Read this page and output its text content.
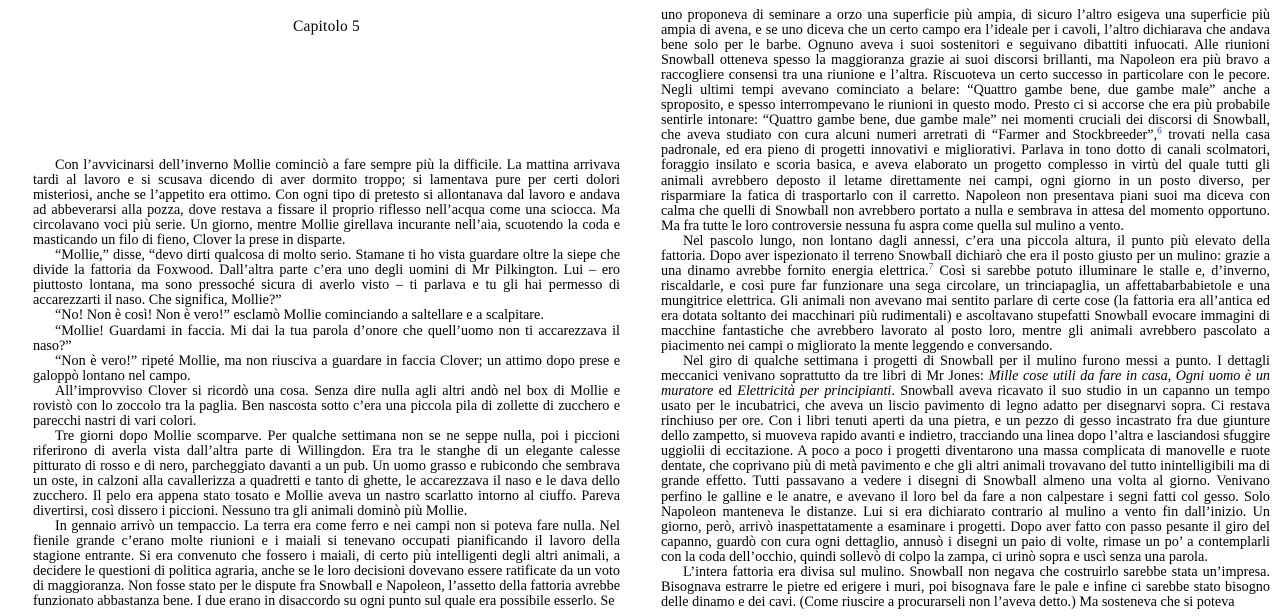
Capitolo 5

Con l’avvicinarsi dell’inverno Mollie cominciò a fare sempre più la difficile. La mattina arrivava tardi al lavoro e si scusava dicendo di aver dormito troppo; si lamentava pure per certi dolori misteriosi, anche se l’appetito era ottimo. Con ogni tipo di pretesto si allontanava dal lavoro e andava ad abbeverarsi alla pozza, dove restava a fissare il proprio riflesso nell’acqua come una sciocca. Ma circolavano voci più serie. Un giorno, mentre Mollie girellava incurante nell’aia, scuotendo la coda e masticando un filo di fieno, Clover la prese in disparte.

“Mollie,” disse, “devo dirti qualcosa di molto serio. Stamane ti ho vista guardare oltre la siepe che divide la fattoria da Foxwood. Dall’altra parte c’era uno degli uomini di Mr Pilkington. Lui – ero piuttosto lontana, ma sono pressoché sicura di averlo visto – ti parlava e tu gli hai permesso di accarezzarti il naso. Che significa, Mollie?”

“No! Non è così! Non è vero!” esclamò Mollie cominciando a saltellare e a scalpitare.

“Mollie! Guardami in faccia. Mi dai la tua parola d’onore che quell’uomo non ti accarezzava il naso?”

“Non è vero!” ripeté Mollie, ma non riusciva a guardare in faccia Clover; un attimo dopo prese e galoppò lontano nel campo.

All’improvviso Clover si ricordò una cosa. Senza dire nulla agli altri andò nel box di Mollie e rovistò con lo zoccolo tra la paglia. Ben nascosta sotto c’era una piccola pila di zollette di zucchero e parecchi nastri di vari colori.

Tre giorni dopo Mollie scomparve. Per qualche settimana non se ne seppe nulla, poi i piccioni riferirono di averla vista dall’altra parte di Willingdon. Era tra le stanghe di un elegante calesse pitturato di rosso e di nero, parcheggiato davanti a un pub. Un uomo grasso e rubicondo che sembrava un oste, in calzoni alla cavallerizza a quadretti e tanto di ghette, le accarezzava il naso e le dava dello zucchero. Il pelo era appena stato tosato e Mollie aveva un nastro scarlatto intorno al ciuffo. Pareva divertirsi, così dissero i piccioni. Nessuno tra gli animali dominò più Mollie.

In gennaio arrivò un tempaccio. La terra era come ferro e nei campi non si poteva fare nulla. Nel fienile grande c’erano molte riunioni e i maiali si tenevano occupati pianificando il lavoro della stagione entrante. Si era convenuto che fossero i maiali, di certo più intelligenti degli altri animali, a decidere le questioni di politica agraria, anche se le loro decisioni dovevano essere ratificate da un voto di maggioranza. Non fosse stato per le dispute fra Snowball e Napoleon, l’assetto della fattoria avrebbe funzionato abbastanza bene. I due erano in disaccordo su ogni punto sul quale era possibile esserlo. Se

uno proponeva di seminare a orzo una superficie più ampia, di sicuro l’altro esigeva una superficie più ampia di avena, e se uno diceva che un certo campo era l’ideale per i cavoli, l’altro dichiarava che andava bene solo per le barbe. Ognuno aveva i suoi sostenitori e seguivano dibattiti infuocati. Alle riunioni Snowball otteneva spesso la maggioranza grazie ai suoi discorsi brillanti, ma Napoleon era più bravo a raccogliere consensi tra una riunione e l’altra. Riscuoteva un certo successo in particolare con le pecore. Negli ultimi tempi avevano cominciato a belare: “Quattro gambe bene, due gambe male” anche a sproposito, e spesso interrompevano le riunioni in questo modo. Presto ci si accorse che era più probabile sentirle intonare: “Quattro gambe bene, due gambe male” nei momenti cruciali dei discorsi di Snowball, che aveva studiato con cura alcuni numeri arretrati di “Farmer and Stockbreeder”,$^6$ trovati nella casa padronale, ed era pieno di progetti innovativi e migliorativi. Parlava in tono dotto di canali scolmatori, foraggio insilato e scoria basica, e aveva elaborato un progetto complesso in virtù del quale tutti gli animali avrebbero deposto il letame direttamente nei campi, ogni giorno in un posto diverso, per risparmiare la fatica di trasportarlo con il carretto. Napoleon non presentava piani suoi ma diceva con calma che quelli di Snowball non avrebbero portato a nulla e sembrava in attesa del momento opportuno. Ma fra tutte le loro controversie nessuna fu aspra come quella sul mulino a vento.

Nel pascolo lungo, non lontano dagli annessi, c’era una piccola altura, il punto più elevato della fattoria. Dopo aver ispezionato il terreno Snowball dichiarò che era il posto giusto per un mulino: grazie a una dinamo avrebbe fornito energia elettrica.$^7$ Così si sarebbe potuto illuminare le stalle e, d’inverno, riscaldarle, e così pure far funzionare una sega circolare, un trinciapaglia, un affettabarbabietole e una mungitrice elettrica. Gli animali non avevano mai sentito parlare di certe cose (la fattoria era all’antica ed era dotata soltanto dei macchinari più rudimentali) e ascoltavano stupefatti Snowball evocare immagini di macchine fantastiche che avrebbero lavorato al posto loro, mentre gli animali avrebbero pascolato a piacimento nei campi o migliorato la mente leggendo e conversando.

Nel giro di qualche settimana i progetti di Snowball per il mulino furono messi a punto. I dettagli meccanici venivano soprattutto da tre libri di Mr Jones: Mille cose utili da fare in casa, Ogni uomo è un muratore ed Elettricità per principianti. Snowball aveva ricavato il suo studio in un capanno un tempo usato per le incubatrici, che aveva un liscio pavimento di legno adatto per disegnarvi sopra. Ci restava rinchiuso per ore. Con i libri tenuti aperti da una pietra, e un pezzo di gesso incastrato fra due giunture dello zampetto, si muoveva rapido avanti e indietro, tracciando una linea dopo l’altra e lasciandosi sfuggire uggiolii di eccitazione. A poco a poco i progetti diventarono una massa complicata di manovelle e ruote dentate, che coprivano più di metà pavimento e che gli altri animali trovavano del tutto inintelligibili ma di grande effetto. Tutti passavano a vedere i disegni di Snowball almeno una volta al giorno. Venivano perfino le galline e le anatre, e avevano il loro bel da fare a non calpestare i segni fatti col gesso. Solo Napoleon manteneva le distanze. Lui si era dichiarato contrario al mulino a vento fin dall’inizio. Un giorno, però, arrivò inaspettatamente a esaminare i progetti. Dopo aver fatto con passo pesante il giro del capanno, guardò con cura ogni dettaglio, annusò i disegni un paio di volte, rimase un po’ a contemplarli con la coda dell’occhio, quindi sollevò di colpo la zampa, ci urinò sopra e uscì senza una parola.

L’intera fattoria era divisa sul mulino. Snowball non negava che costruirlo sarebbe stata un’impresa. Bisognava estrarre le pietre ed erigere i muri, poi bisognava fare le pale e infine ci sarebbe stato bisogno delle dinamo e dei cavi. (Come riuscire a procurarseli non l’aveva detto.) Ma sosteneva che si poteva
